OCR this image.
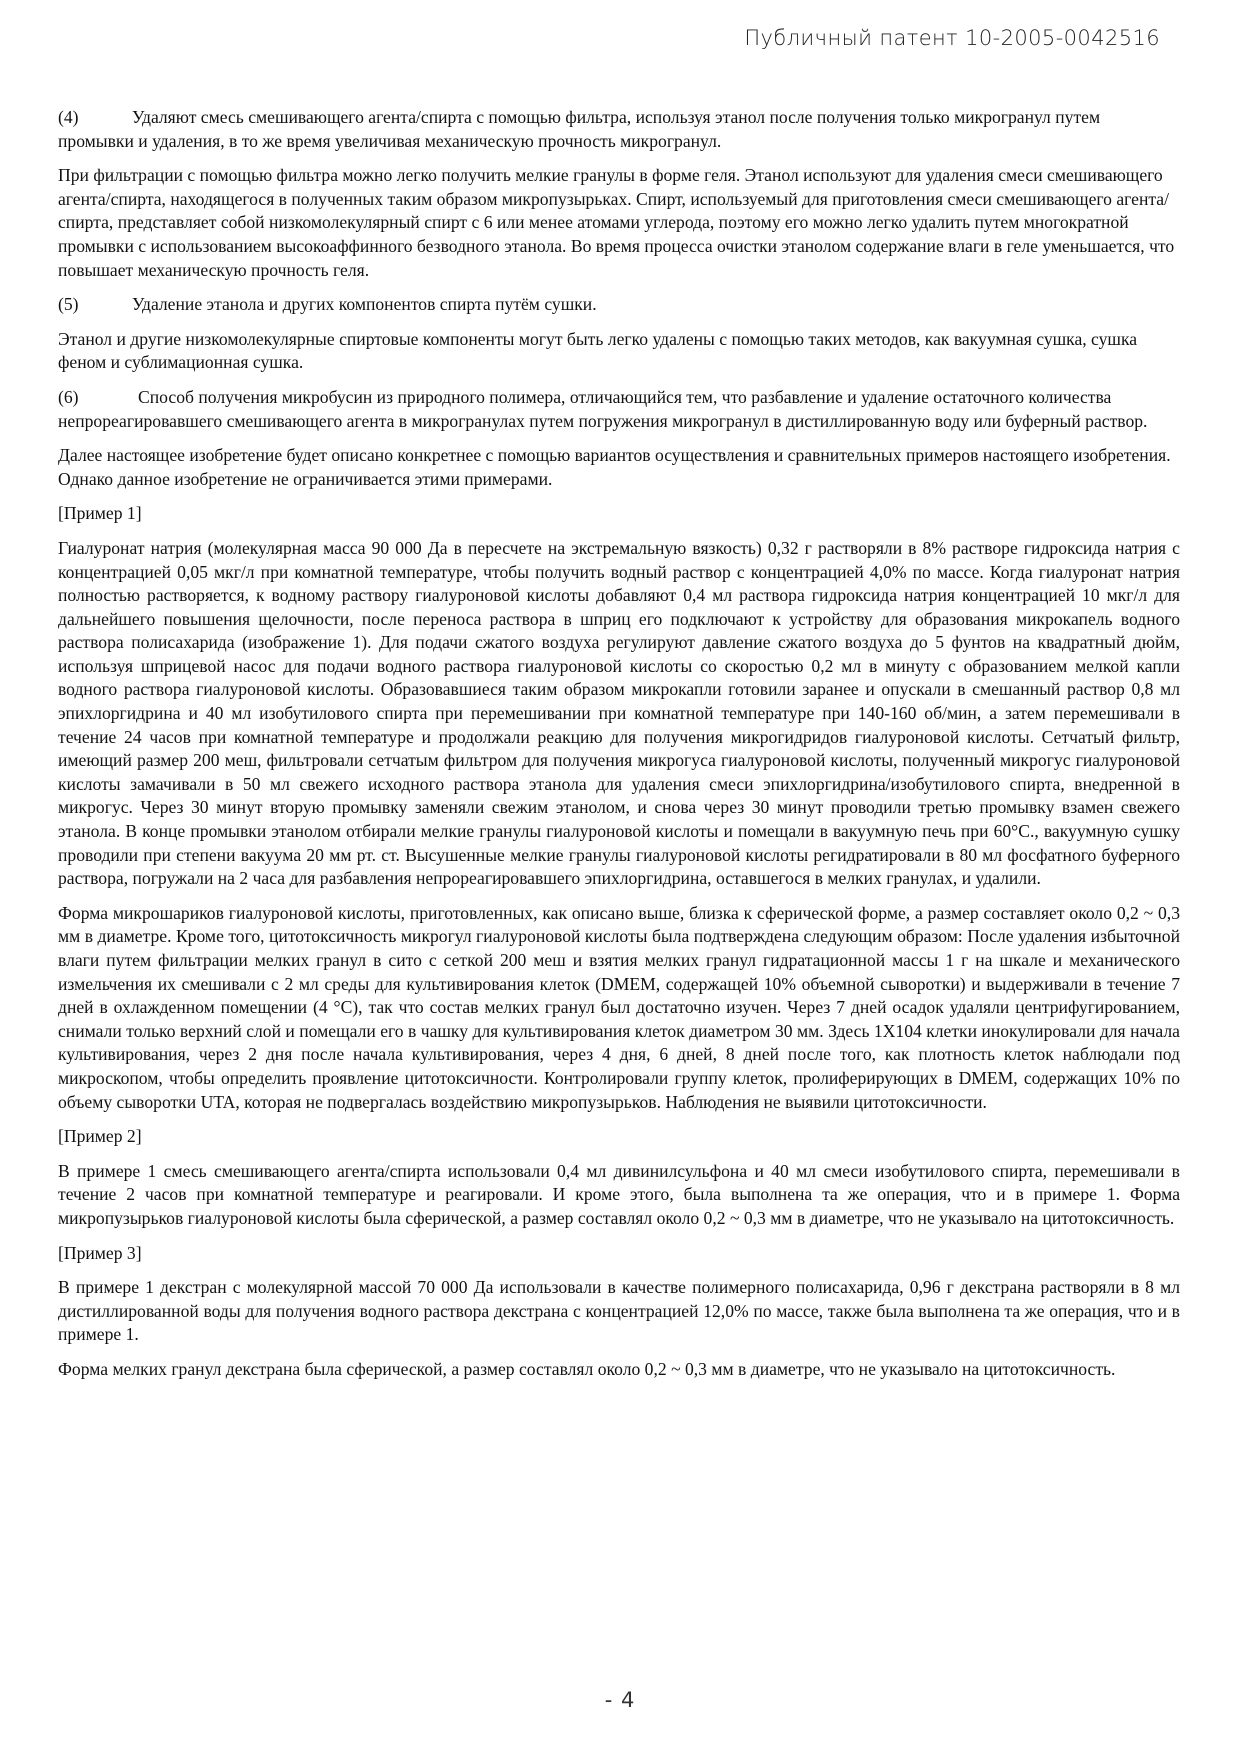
Публичный патент 10-2005-0042516

(4)	Удаляют смесь смешивающего агента/спирта с помощью фильтра, используя этанол после получения только микрогранул путем промывки и удаления, в то же время увеличивая механическую прочность микрогранул.

При фильтрации с помощью фильтра можно легко получить мелкие гранулы в форме геля. Этанол используют для удаления смеси смешивающего агента/спирта, находящегося в полученных таким образом микропузырьках. Спирт, используемый для приготовления смеси смешивающего агента/спирта, представляет собой низкомолекулярный спирт с 6 или менее атомами углерода, поэтому его можно легко удалить путем многократной промывки с использованием высокоаффинного безводного этанола. Во время процесса очистки этанолом содержание влаги в геле уменьшается, что повышает механическую прочность геля.

(5)	Удаление этанола и других компонентов спирта путём сушки.

Этанол и другие низкомолекулярные спиртовые компоненты могут быть легко удалены с помощью таких методов, как вакуумная сушка, сушка феном и сублимационная сушка.

(6)	Способ получения микробусин из природного полимера, отличающийся тем, что разбавление и удаление остаточного количества непрореагировавшего смешивающего агента в микрогранулах путем погружения микрогранул в дистиллированную воду или буферный раствор.

Далее настоящее изобретение будет описано конкретнее с помощью вариантов осуществления и сравнительных примеров настоящего изобретения. Однако данное изобретение не ограничивается этими примерами.

[Пример 1]

Гиалуронат натрия (молекулярная масса 90 000 Да в пересчете на экстремальную вязкость) 0,32 г растворяли в 8% растворе гидроксида натрия с концентрацией 0,05 мкг/л при комнатной температуре, чтобы получить водный раствор с концентрацией 4,0% по массе. Когда гиалуронат натрия полностью растворяется, к водному раствору гиалуроновой кислоты добавляют 0,4 мл раствора гидроксида натрия концентрацией 10 мкг/л для дальнейшего повышения щелочности, после переноса раствора в шприц его подключают к устройству для образования микрокапель водного раствора полисахарида (изображение 1). Для подачи сжатого воздуха регулируют давление сжатого воздуха до 5 фунтов на квадратный дюйм, используя шприцевой насос для подачи водного раствора гиалуроновой кислоты со скоростью 0,2 мл в минуту с образованием мелкой капли водного раствора гиалуроновой кислоты. Образовавшиеся таким образом микрокапли готовили заранее и опускали в смешанный раствор 0,8 мл эпихлоргидрина и 40 мл изобутилового спирта при перемешивании при комнатной температуре при 140-160 об/мин, а затем перемешивали в течение 24 часов при комнатной температуре и продолжали реакцию для получения микрогидридов гиалуроновой кислоты. Сетчатый фильтр, имеющий размер 200 меш, фильтровали сетчатым фильтром для получения микрогуса гиалуроновой кислоты, полученный микрогус гиалуроновой кислоты замачивали в 50 мл свежего исходного раствора этанола для удаления смеси эпихлоргидрина/изобутилового спирта, внедренной в микрогус. Через 30 минут вторую промывку заменяли свежим этанолом, и снова через 30 минут проводили третью промывку взамен свежего этанола. В конце промывки этанолом отбирали мелкие гранулы гиалуроновой кислоты и помещали в вакуумную печь при 60°С., вакуумную сушку проводили при степени вакуума 20 мм рт. ст. Высушенные мелкие гранулы гиалуроновой кислоты регидратировали в 80 мл фосфатного буферного раствора, погружали на 2 часа для разбавления непрореагировавшего эпихлоргидрина, оставшегося в мелких гранулах, и удалили.

Форма микрошариков гиалуроновой кислоты, приготовленных, как описано выше, близка к сферической форме, а размер составляет около 0,2 ~ 0,3 мм в диаметре. Кроме того, цитотоксичность микрогул гиалуроновой кислоты была подтверждена следующим образом: После удаления избыточной влаги путем фильтрации мелких гранул в сито с сеткой 200 меш и взятия мелких гранул гидратационной массы 1 г на шкале и механического измельчения их смешивали с 2 мл среды для культивирования клеток (DMEM, содержащей 10% объемной сыворотки) и выдерживали в течение 7 дней в охлажденном помещении (4 °С), так что состав мелких гранул был достаточно изучен. Через 7 дней осадок удаляли центрифугированием, снимали только верхний слой и помещали его в чашку для культивирования клеток диаметром 30 мм. Здесь 1Х104 клетки инокулировали для начала культивирования, через 2 дня после начала культивирования, через 4 дня, 6 дней, 8 дней после того, как плотность клеток наблюдали под микроскопом, чтобы определить проявление цитотоксичности. Контролировали группу клеток, пролиферирующих в DMEM, содержащих 10% по объему сыворотки UTA, которая не подвергалась воздействию микропузырьков. Наблюдения не выявили цитотоксичности.

[Пример 2]

В примере 1 смесь смешивающего агента/спирта использовали 0,4 мл дивинилсульфона и 40 мл смеси изобутилового спирта, перемешивали в течение 2 часов при комнатной температуре и реагировали. И кроме этого, была выполнена та же операция, что и в примере 1. Форма микропузырьков гиалуроновой кислоты была сферической, а размер составлял около 0,2 ~ 0,3 мм в диаметре, что не указывало на цитотоксичность.

[Пример 3]

В примере 1 декстран с молекулярной массой 70 000 Да использовали в качестве полимерного полисахарида, 0,96 г декстрана растворяли в 8 мл дистиллированной воды для получения водного раствора декстрана с концентрацией 12,0% по массе, также была выполнена та же операция, что и в примере 1.

Форма мелких гранул декстрана была сферической, а размер составлял около 0,2 ~ 0,3 мм в диаметре, что не указывало на цитотоксичность.

- 4
